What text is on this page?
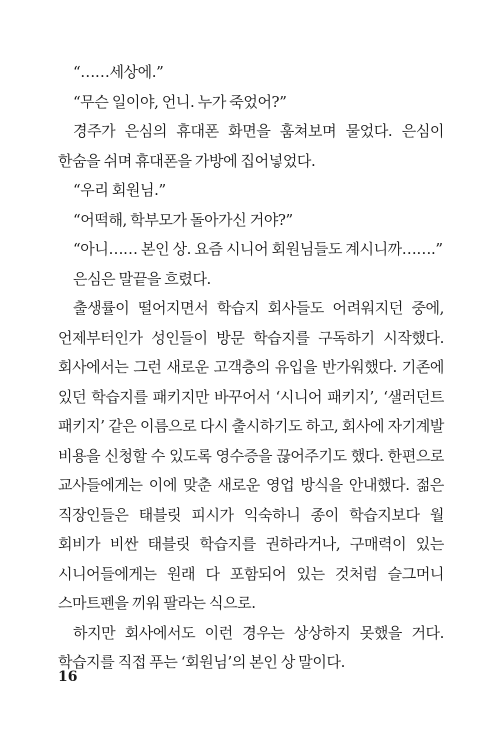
“……세상에.”

“무슨 일이야, 언니. 누가 죽었어?”

경주가 은심의 휴대폰 화면을 훔쳐보며 물었다. 은심이 한숨을 쉬며 휴대폰을 가방에 집어넣었다.

“우리 회원님.”

“어떡해, 학부모가 돌아가신 거야?”

“아니…… 본인 상. 요즘 시니어 회원님들도 계시니까…….”

은심은 말끝을 흐렸다.

출생률이 떨어지면서 학습지 회사들도 어려워지던 중에, 언제부터인가 성인들이 방문 학습지를 구독하기 시작했다. 회사에서는 그런 새로운 고객층의 유입을 반가워했다. 기존에 있던 학습지를 패키지만 바꾸어서 ‘시니어 패키지’, ‘샐러던트 패키지’ 같은 이름으로 다시 출시하기도 하고, 회사에 자기계발 비용을 신청할 수 있도록 영수증을 끊어주기도 했다. 한편으로 교사들에게는 이에 맞춘 새로운 영업 방식을 안내했다. 젊은 직장인들은 태블릿 피시가 익숙하니 종이 학습지보다 월 회비가 비싼 태블릿 학습지를 권하라거나, 구매력이 있는 시니어들에게는 원래 다 포함되어 있는 것처럼 슬그머니 스마트펜을 끼워 팔라는 식으로.

하지만 회사에서도 이런 경우는 상상하지 못했을 거다. 학습지를 직접 푸는 ‘회원님’의 본인 상 말이다.

16
